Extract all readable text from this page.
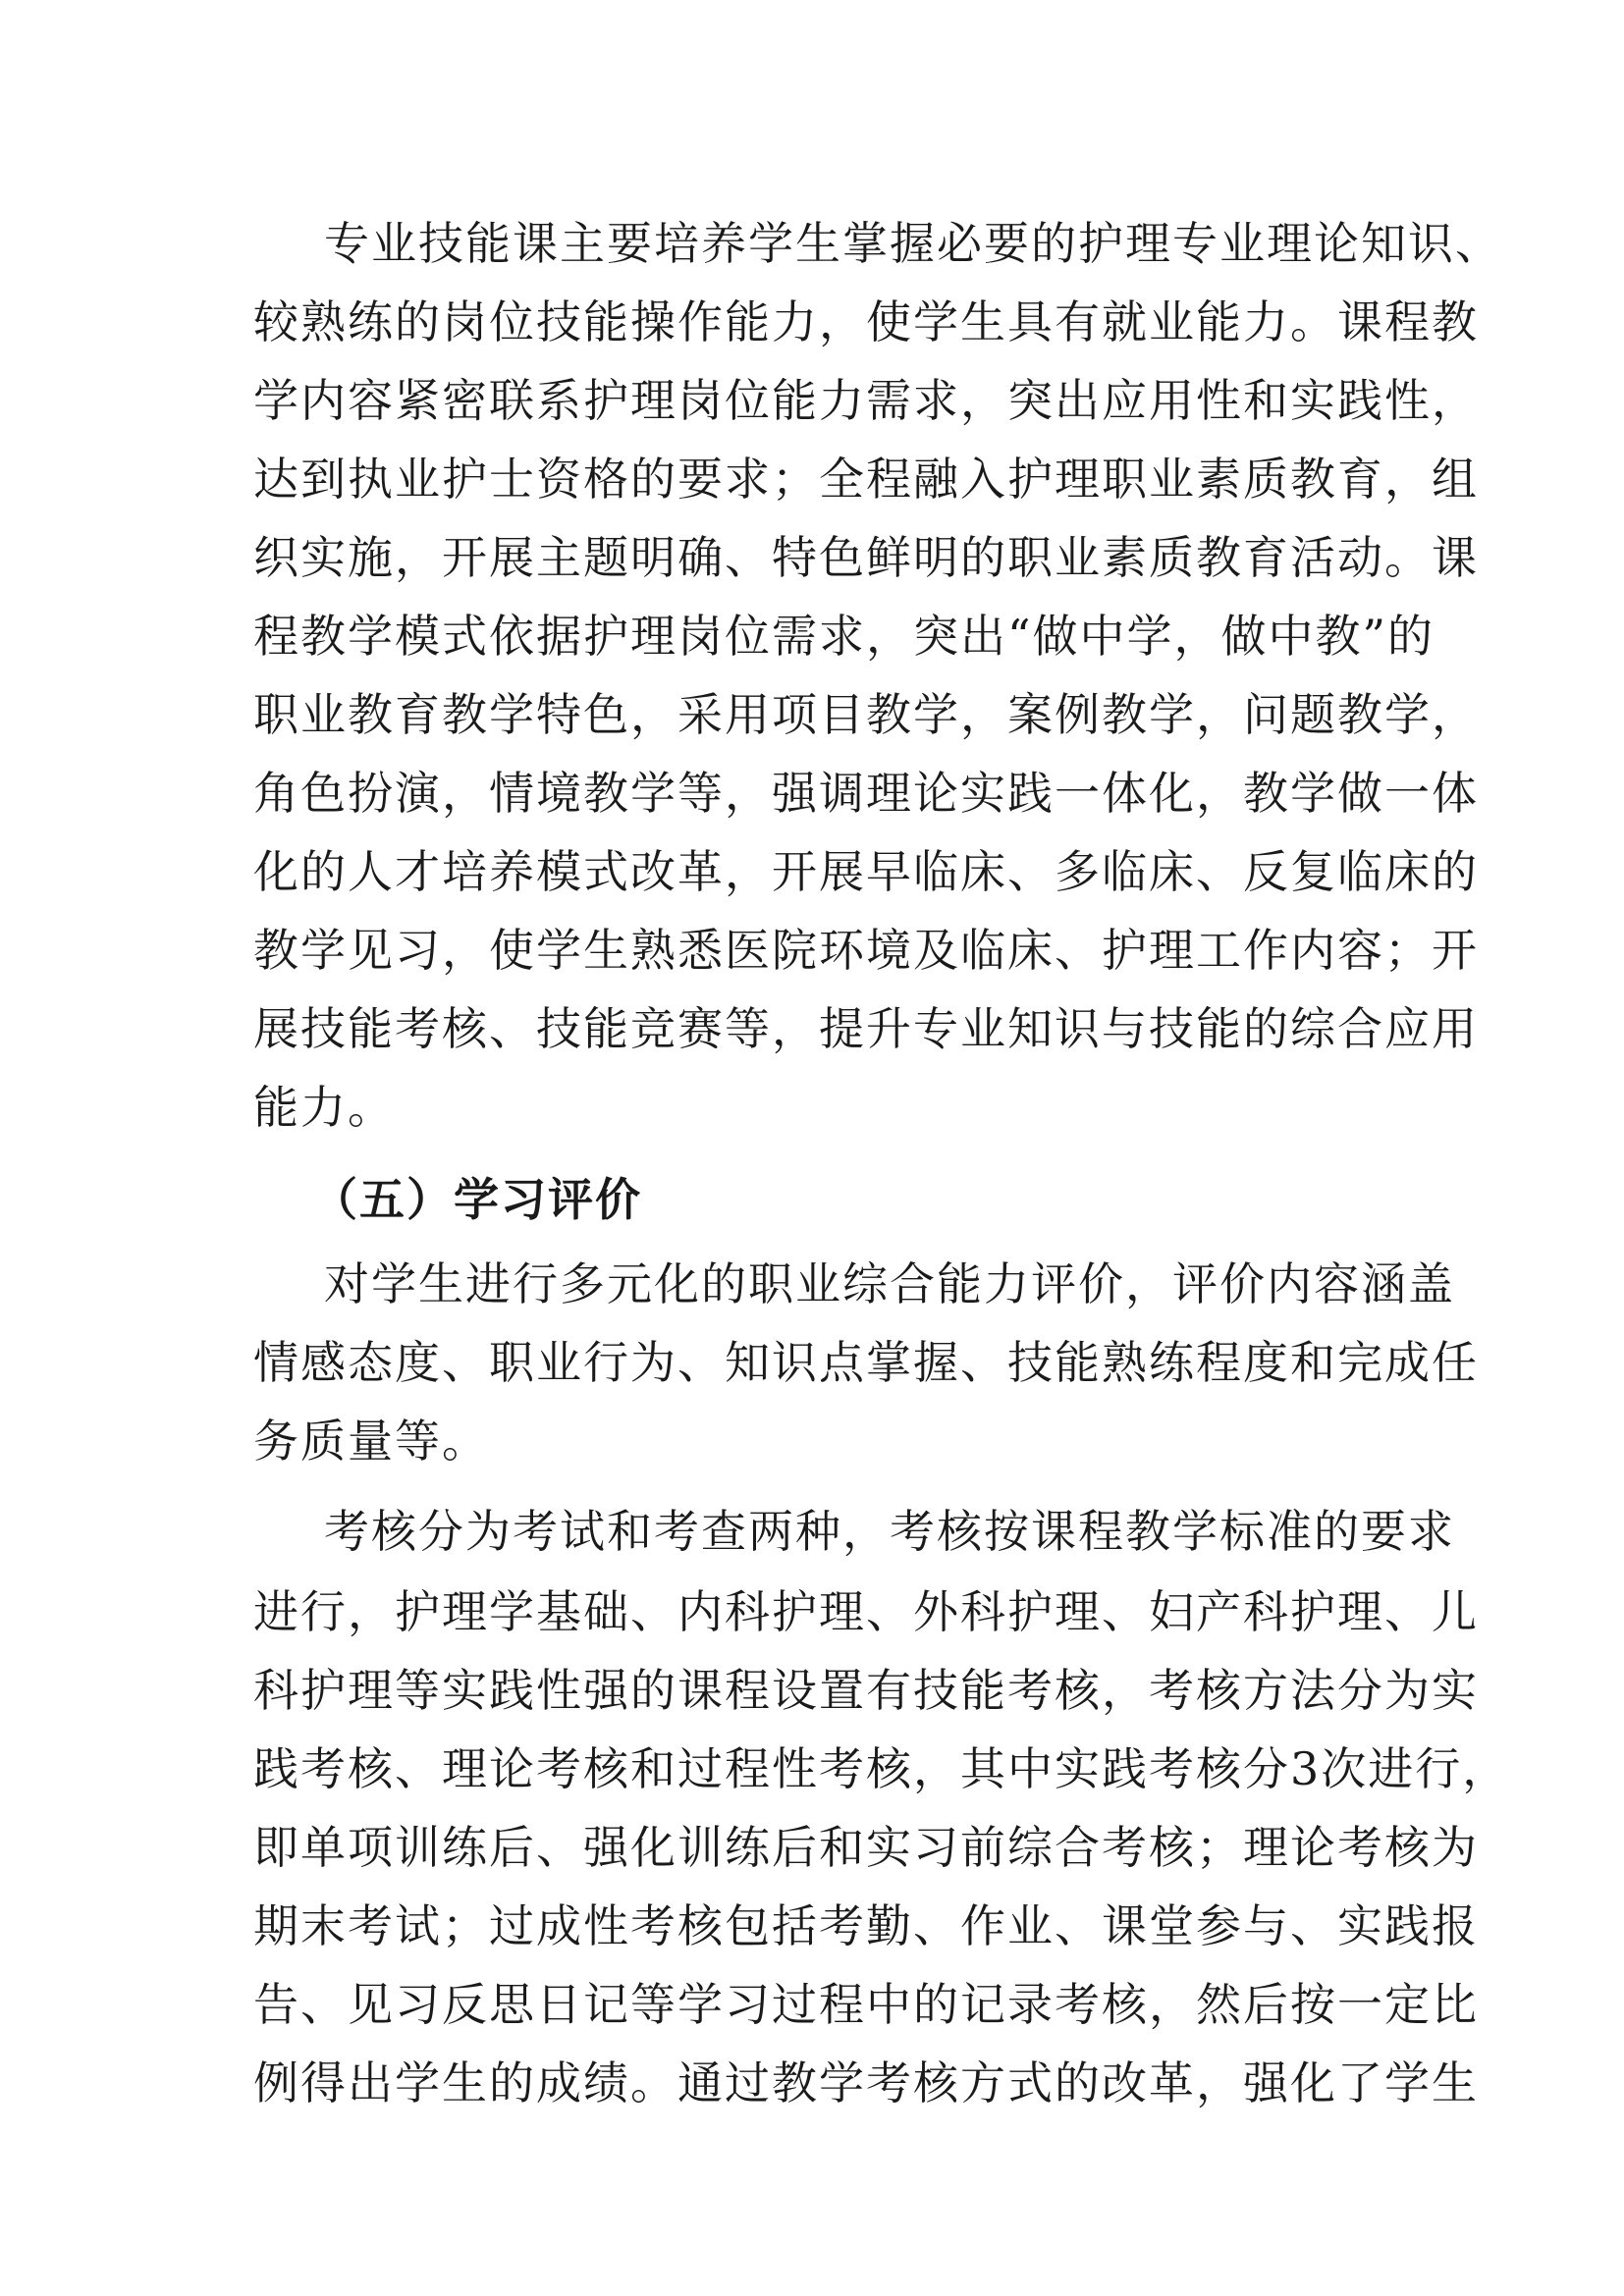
专业技能课主要培养学生掌握必要的护理专业理论知识、
较熟练的岗位技能操作能力，使学生具有就业能力。课程教
学内容紧密联系护理岗位能力需求，突出应用性和实践性，
达到执业护士资格的要求；全程融入护理职业素质教育，组
织实施，开展主题明确、特色鲜明的职业素质教育活动。课
程教学模式依据护理岗位需求，突出“做中学，做中教”的
职业教育教学特色，采用项目教学，案例教学，问题教学，
角色扮演，情境教学等，强调理论实践一体化，教学做一体
化的人才培养模式改革，开展早临床、多临床、反复临床的
教学见习，使学生熟悉医院环境及临床、护理工作内容；开
展技能考核、技能竞赛等，提升专业知识与技能的综合应用
能力。
（五）学习评价
对学生进行多元化的职业综合能力评价，评价内容涵盖
情感态度、职业行为、知识点掌握、技能熟练程度和完成任
务质量等。
考核分为考试和考查两种，考核按课程教学标准的要求
进行，护理学基础、内科护理、外科护理、妇产科护理、儿
科护理等实践性强的课程设置有技能考核，考核方法分为实
践考核、理论考核和过程性考核，其中实践考核分3次进行，
即单项训练后、强化训练后和实习前综合考核；理论考核为
期末考试；过成性考核包括考勤、作业、课堂参与、实践报
告、见习反思日记等学习过程中的记录考核，然后按一定比
例得出学生的成绩。通过教学考核方式的改革，强化了学生
